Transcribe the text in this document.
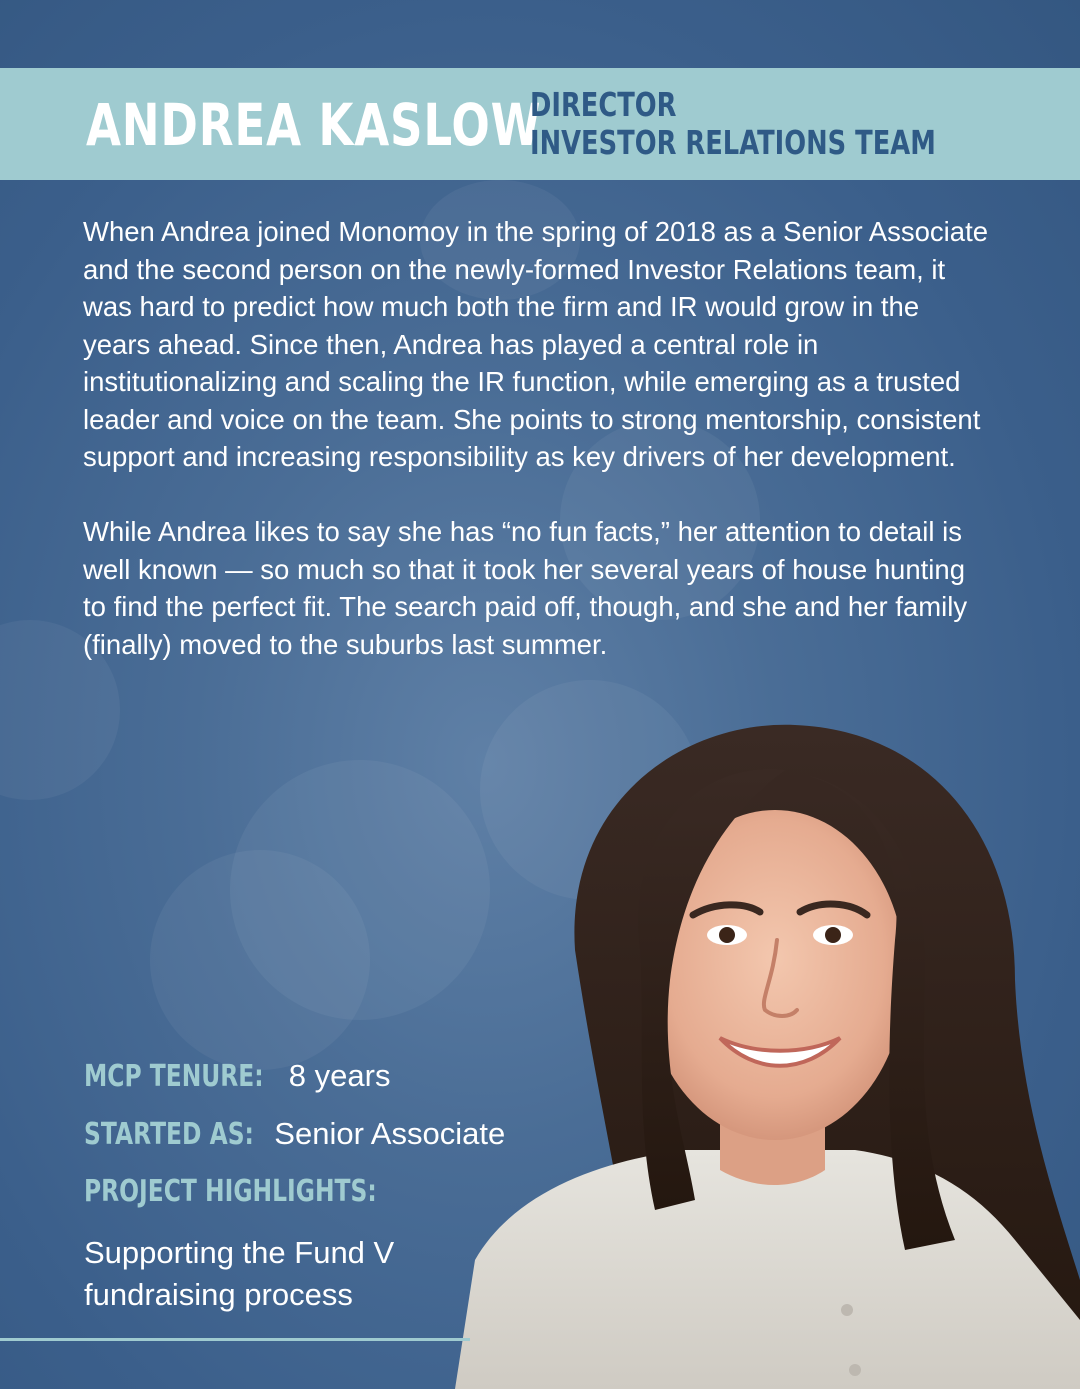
ANDREA KASLOW
DIRECTOR
INVESTOR RELATIONS TEAM

When Andrea joined Monomoy in the spring of 2018 as a Senior Associate and the second person on the newly-formed Investor Relations team, it was hard to predict how much both the firm and IR would grow in the years ahead. Since then, Andrea has played a central role in institutionalizing and scaling the IR function, while emerging as a trusted leader and voice on the team. She points to strong mentorship, consistent support and increasing responsibility as key drivers of her development.

While Andrea likes to say she has “no fun facts,” her attention to detail is well known — so much so that it took her several years of house hunting to find the perfect fit. The search paid off, though, and she and her family (finally) moved to the suburbs last summer.

MCP TENURE: 8 years
STARTED AS: Senior Associate
PROJECT HIGHLIGHTS:
Supporting the Fund V fundraising process
